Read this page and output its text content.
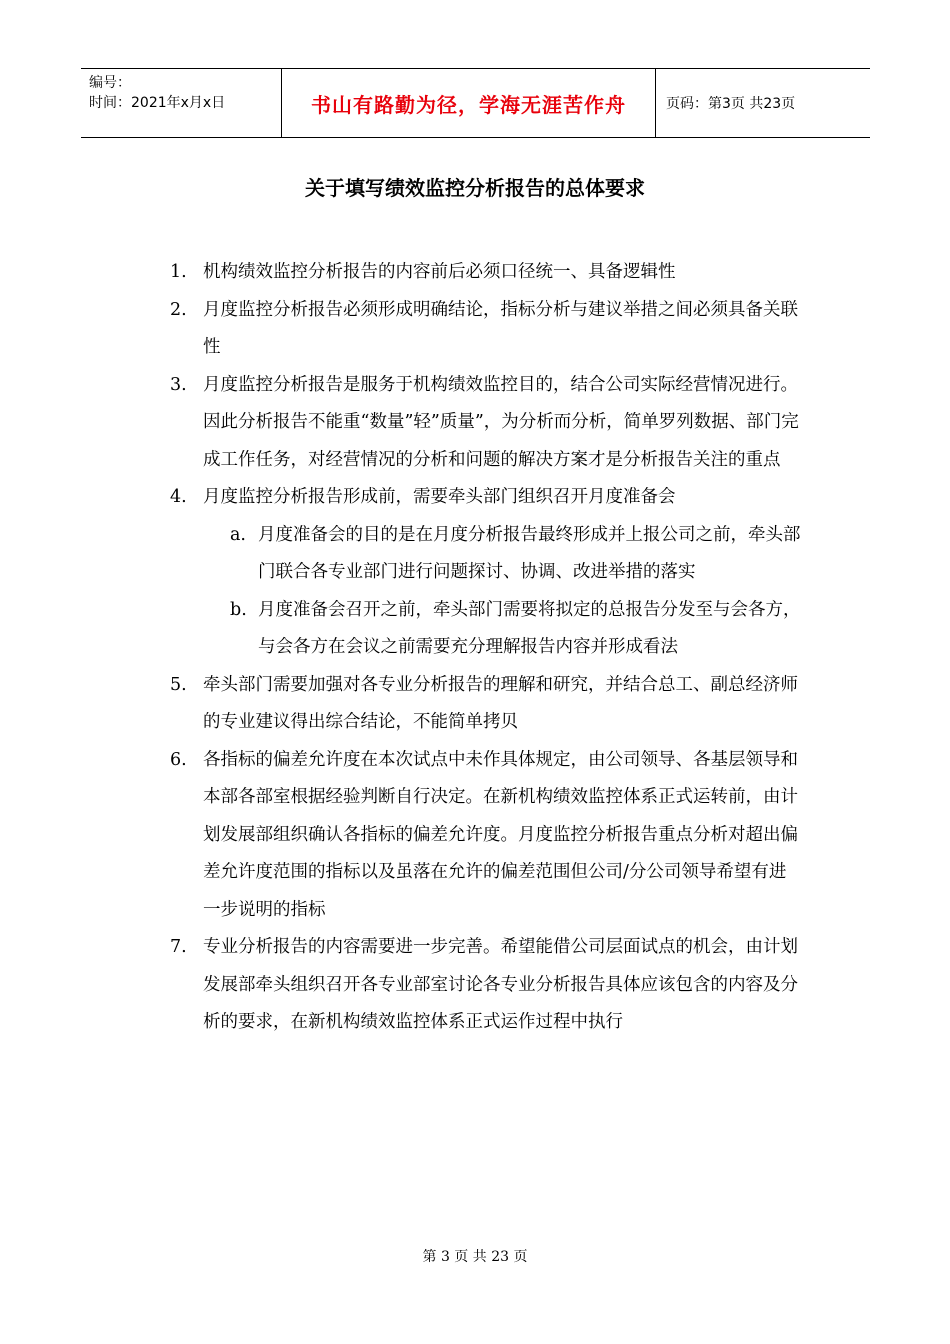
编号：
时间：2021年x月x日	书山有路勤为径，学海无涯苦作舟	页码：第3页 共23页
关于填写绩效监控分析报告的总体要求
1. 机构绩效监控分析报告的内容前后必须口径统一、具备逻辑性
2. 月度监控分析报告必须形成明确结论，指标分析与建议举措之间必须具备关联性
3. 月度监控分析报告是服务于机构绩效监控目的，结合公司实际经营情况进行。因此分析报告不能重“数量”轻”质量”，为分析而分析，简单罗列数据、部门完成工作任务，对经营情况的分析和问题的解决方案才是分析报告关注的重点
4. 月度监控分析报告形成前，需要牵头部门组织召开月度准备会
a. 月度准备会的目的是在月度分析报告最终形成并上报公司之前，牵头部门联合各专业部门进行问题探讨、协调、改进举措的落实
b. 月度准备会召开之前，牵头部门需要将拟定的总报告分发至与会各方，与会各方在会议之前需要充分理解报告内容并形成看法
5. 牵头部门需要加强对各专业分析报告的理解和研究，并结合总工、副总经济师的专业建议得出综合结论，不能简单拷贝
6. 各指标的偏差允许度在本次试点中未作具体规定，由公司领导、各基层领导和本部各部室根据经验判断自行决定。在新机构绩效监控体系正式运转前，由计划发展部组织确认各指标的偏差允许度。月度监控分析报告重点分析对超出偏差允许度范围的指标以及虽落在允许的偏差范围但公司/分公司领导希望有进一步说明的指标
7. 专业分析报告的内容需要进一步完善。希望能借公司层面试点的机会，由计划发展部牵头组织召开各专业部室讨论各专业分析报告具体应该包含的内容及分析的要求，在新机构绩效监控体系正式运作过程中执行
第 3 页 共 23 页
